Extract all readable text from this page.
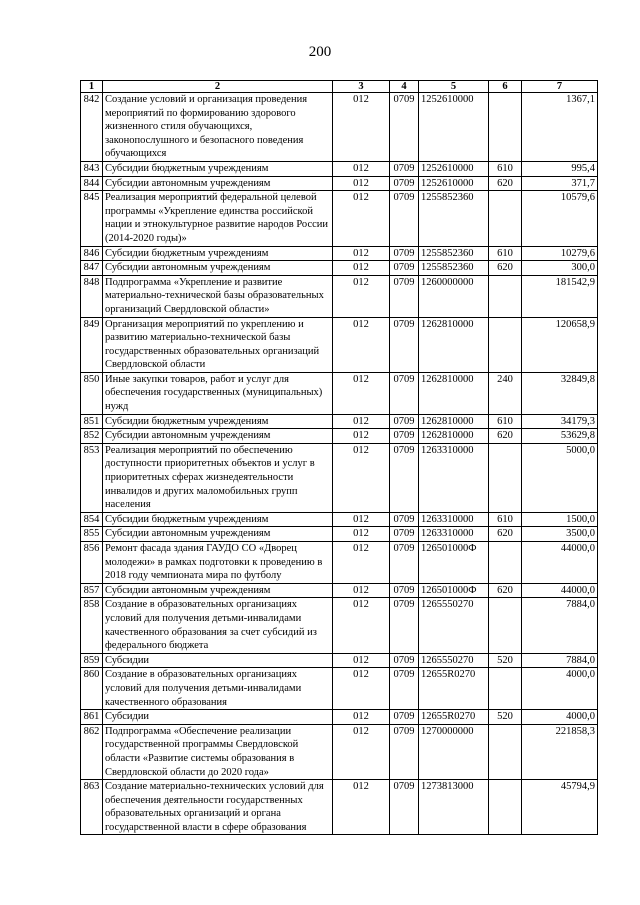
200
1	2	3	4	5	6	7
842	Создание условий и организация проведения мероприятий по формированию здорового жизненного стиля обучающихся, законопослушного и безопасного поведения обучающихся	012	0709	1252610000		1367,1
843	Субсидии бюджетным учреждениям	012	0709	1252610000	610	995,4
844	Субсидии автономным учреждениям	012	0709	1252610000	620	371,7
845	Реализация мероприятий федеральной целевой программы «Укрепление единства российской нации и этнокультурное развитие народов России (2014-2020 годы)»	012	0709	1255852360		10579,6
846	Субсидии бюджетным учреждениям	012	0709	1255852360	610	10279,6
847	Субсидии автономным учреждениям	012	0709	1255852360	620	300,0
848	Подпрограмма «Укрепление и развитие материально-технической базы образовательных организаций Свердловской области»	012	0709	1260000000		181542,9
849	Организация мероприятий по укреплению и развитию материально-технической базы государственных образовательных организаций Свердловской области	012	0709	1262810000		120658,9
850	Иные закупки товаров, работ и услуг для обеспечения государственных (муниципальных) нужд	012	0709	1262810000	240	32849,8
851	Субсидии бюджетным учреждениям	012	0709	1262810000	610	34179,3
852	Субсидии автономным учреждениям	012	0709	1262810000	620	53629,8
853	Реализация мероприятий по обеспечению доступности приоритетных объектов и услуг в приоритетных сферах жизнедеятельности инвалидов и других маломобильных групп населения	012	0709	1263310000		5000,0
854	Субсидии бюджетным учреждениям	012	0709	1263310000	610	1500,0
855	Субсидии автономным учреждениям	012	0709	1263310000	620	3500,0
856	Ремонт фасада здания ГАУДО СО «Дворец молодежи» в рамках подготовки к проведению в 2018 году чемпионата мира по футболу	012	0709	126501000Ф		44000,0
857	Субсидии автономным учреждениям	012	0709	126501000Ф	620	44000,0
858	Создание в образовательных организациях условий для получения детьми-инвалидами качественного образования за счет субсидий из федерального бюджета	012	0709	1265550270		7884,0
859	Субсидии	012	0709	1265550270	520	7884,0
860	Создание в образовательных организациях условий для получения детьми-инвалидами качественного образования	012	0709	12655R0270		4000,0
861	Субсидии	012	0709	12655R0270	520	4000,0
862	Подпрограмма «Обеспечение реализации государственной программы Свердловской области «Развитие системы образования в Свердловской области до 2020 года»	012	0709	1270000000		221858,3
863	Создание материально-технических условий для обеспечения деятельности государственных образовательных организаций и органа государственной власти в сфере образования	012	0709	1273813000		45794,9
